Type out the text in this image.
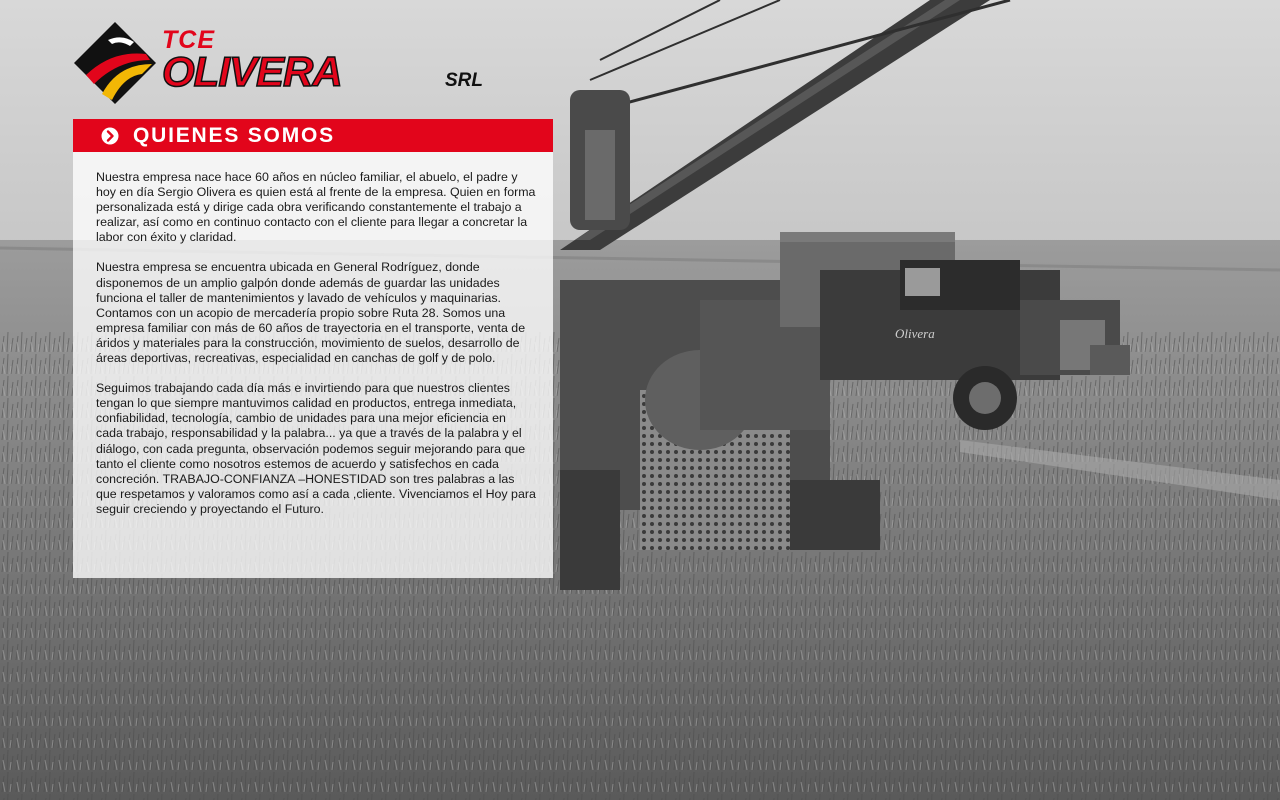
Olivera
TCE
OLIVERA	SRL
QUIENES SOMOS

Nuestra empresa nace hace 60 años en núcleo familiar, el abuelo, el padre y hoy en día Sergio Olivera es quien está al frente de la empresa. Quien en forma personalizada está y dirige cada obra verificando constantemente el trabajo a realizar, así como en continuo contacto con el cliente para llegar a concretar la labor con éxito y claridad.

Nuestra empresa se encuentra ubicada en General Rodríguez, donde disponemos de un amplio galpón donde además de guardar las unidades funciona el taller de mantenimientos y lavado de vehículos y maquinarias. Contamos con un acopio de mercadería propio sobre Ruta 28. Somos una empresa familiar con más de 60 años de trayectoria en el transporte, venta de áridos y materiales para la construcción, movimiento de suelos, desarrollo de áreas deportivas, recreativas, especialidad en canchas de golf y de polo.

Seguimos trabajando cada día más e invirtiendo para que nuestros clientes tengan lo que siempre mantuvimos calidad en productos, entrega inmediata, confiabilidad, tecnología, cambio de unidades para una mejor eficiencia en cada trabajo, responsabilidad y la palabra... ya que a través de la palabra y el diálogo, con cada pregunta, observación podemos seguir mejorando para que tanto el cliente como nosotros estemos de acuerdo y satisfechos en cada concreción. TRABAJO-CONFIANZA –HONESTIDAD son tres palabras a las que respetamos y valoramos como así a cada ,cliente. Vivenciamos el Hoy para seguir creciendo y proyectando el Futuro.
